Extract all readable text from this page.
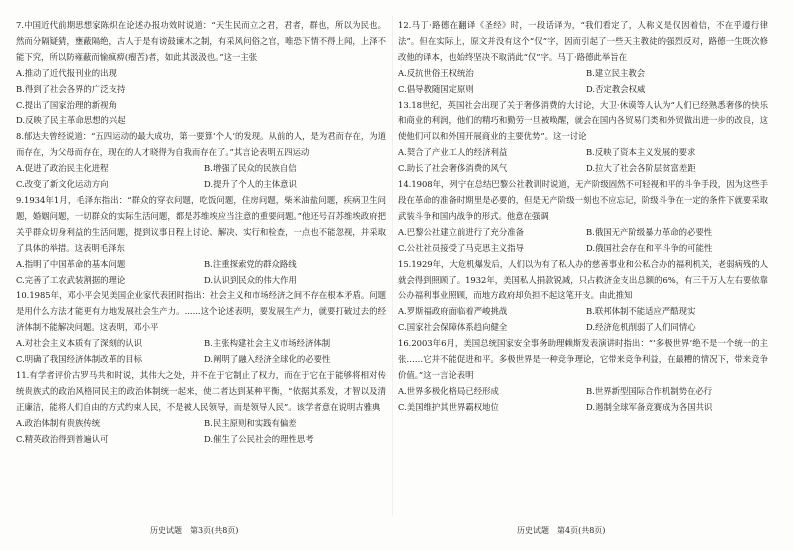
7.中国近代前期思想家陈炽在论述办报功效时说道：“天生民而立之君，君者，群也，所以为民也。然而分隔疑猜，壅蔽隔绝，古人于是有谤鼓谏木之制，有采风问俗之官，唯恐下情不得上闻，上泽不能下究，所以防雍蔽而愉疯痹(瘤苦)者，如此其汲汲也。”这一主张

A.推动了近代报刊业的出现

B.得到了社会各界的广泛支持

C.提出了国家治理的新视角

D.反映了民主革命思想的兴起

8.郁达夫曾经说道：“五四运动的最大成功，第一要算‘个人’的发现。从前的人，是为君而存在，为道而存在，为父母而存在，现在的人才晓得为自我而存在了。”其言论表明五四运动

A.促进了政治民主化进程	B.增强了民众的民族自信

C.改变了新文化运动方向	D.提升了个人的主体意识

9.1934年1月，毛泽东指出：“群众的穿衣问题，吃饭问题，住房问题，柴米油盐问题，疾病卫生问题，婚姻问题，一切群众的实际生活问题，都是苏维埃应当注意的重要问题。”他还号召苏维埃政府把关乎群众切身利益的生活问题，提到议事日程上讨论、解决、实行和检查，一点也不能忽视，并采取了具体的举措。这表明毛泽东

A.指明了中国革命的基本问题	B.注重探索党的群众路线

C.完善了工农武装割据的理论	D.认识到民众的伟大作用

10.1985年，邓小平会见美国企业家代表团时指出：社会主义和市场经济之间不存在根本矛盾。问题是用什么方法才能更有力地发展社会生产力。......这个论述表明，要发展生产力，就要打破过去的经济体制不能解决问题。这表明，邓小平

A.对社会主义本质有了深刻的认识	B.主张构建社会主义市场经济体制

C.明确了我国经济体制改革的目标	D.阐明了融入经济全球化的必要性

11.有学者评价古罗马共和时说，其伟大之处，并不在于它制止了权力，而在于它在于能够将相对传统贵族式的政治风格同民主的政治体制统一起来，使二者达到某种平衡，“依据其系发，才智以及清正廉洁，能将人们自由的方式约束人民，不是被人民领导，而是领导人民”。该学者意在说明古雅典

A.政治体制有贵族传统	B.民主原则和实践有偏差

C.精英政治得到普遍认可	D.催生了公民社会的理性思考

12.马丁·路德在翻译《圣经》时，一段话译为，“我们看定了，人称义是仅因着信，不在乎遵行律法”。但在实际上，原文并没有这个“仅”字，因而引起了一些天主教徒的强烈反对，路德一生既次修改他的译本，也始终坚决不取消此“仅”字。马丁·路德此举旨在

A.反抗世俗王权统治	B.建立民主教会

C.倡导教随国定原则	D.否定教会权威

13.18世纪，英国社会出现了关于奢侈消费的大讨论，大卫·休谟等人认为“人们已经熟悉奢侈的快乐和商业的利润，他们的精巧和勤劳一旦被唤醒，就会在国内各贸易门类和外贸做出进一步的改良，这使他们可以和外国开展商业的主要优势”。这一讨论

A.契合了产业工人的经济利益	B.反映了资本主义发展的要求

C.助长了社会奢侈消费的风气	D.拉大了社会各阶层贫富差距

14.1908年，列宁在总结巴黎公社教训时说道，无产阶级固然不可轻视和平的斗争手段，因为这些手段在革命的准备时期里是必要的，但是无产阶级一刻也不应忘记，阶级斗争在一定的条件下就要采取武装斗争和国内战争的形式。他意在强调

A.巴黎公社建立前进行了充分准备	B.俄国无产阶级暴力革命的必要性

C.公社社员接受了马克思主义指导	D.俄国社会存在和平斗争的可能性

15.1929年，大危机爆发后，人们以为有了私人办的慈善事业和公私合办的福利机关，老弱病残的人就会得到照顾了。1932年，美国私人捐款锐减，只占救济金支出总额的6%，有三千万人左右要依靠公办福利事业照顾，而地方政府却负担不起这笔开支。由此推知

A.罗斯福政府面临着严峻挑战	B.联邦体制不能适应严酷现实

C.国家社会保障体系趋向健全	D.经济危机削弱了人们同情心

16.2003年6月，美国总统国家安全事务助理赖斯发表演讲时指出：“‘多极世界’绝不是一个统一的主张……它并不能促进和平。多极世界是一种竞争理论，它带来竞争利益，在最糟的情况下，带来竞争价值。”这一言论表明

A.世界多极化格局已经形成	B.世界新型国际合作机制势在必行

C.美国维护其世界霸权地位	D.遏制全球军备竞赛成为各国共识

历史试题　第3页(共8页)	历史试题　第4页(共8页)
